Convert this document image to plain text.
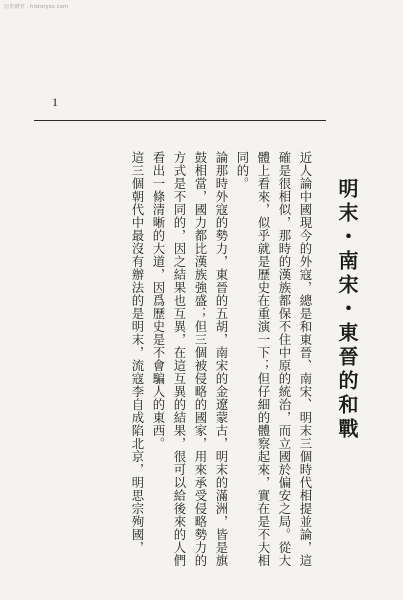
历史研究 · historyxx.com
1
明末・南宋・東晉的和戰

近人論中國現今的外寇，總是和東晉、南宋、明末三個時代相提並論，這確是很相似，那時的漢族都保不住中原的統治，而立國於偏安之局。從大體上看來，似乎就是歷史在重演一下；但仔細的體察起來，實在是不大相同的。

論那時外寇的勢力，東晉的五胡，南宋的金遼蒙古，明末的滿洲，皆是旗鼓相當，國力都比漢族強盛；但三個被侵略的國家，用來承受侵略勢力的方式是不同的，因之結果也互異，在這互異的結果，很可以給後來的人們看出一條清晰的大道，因爲歷史是不會騙人的東西。

這三個朝代中最沒有辦法的是明末，流寇李自成陷北京，明思宗殉國，
